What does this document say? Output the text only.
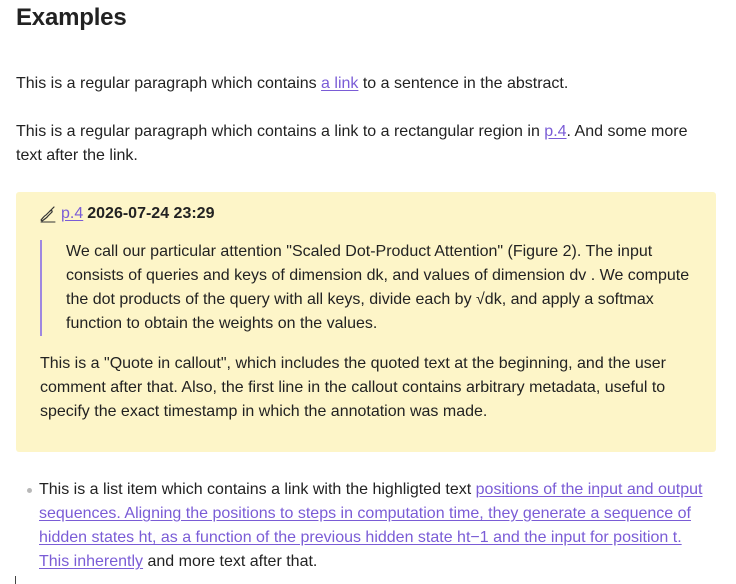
Examples

This is a regular paragraph which contains a link to a sentence in the abstract.

This is a regular paragraph which contains a link to a rectangular region in p.4. And some more text after the link.

p.4 2026-07-24 23:29

We call our particular attention "Scaled Dot-Product Attention" (Figure 2). The input consists of queries and keys of dimension dk, and values of dimension dv . We compute the dot products of the query with all keys, divide each by √dk, and apply a softmax function to obtain the weights on the values.

This is a "Quote in callout", which includes the quoted text at the beginning, and the user comment after that. Also, the first line in the callout contains arbitrary metadata, useful to specify the exact timestamp in which the annotation was made.

This is a list item which contains a link with the highligted text positions of the input and output sequences. Aligning the positions to steps in computation time, they generate a sequence of hidden states ht, as a function of the previous hidden state ht−1 and the input for position t. This inherently and more text after that.
